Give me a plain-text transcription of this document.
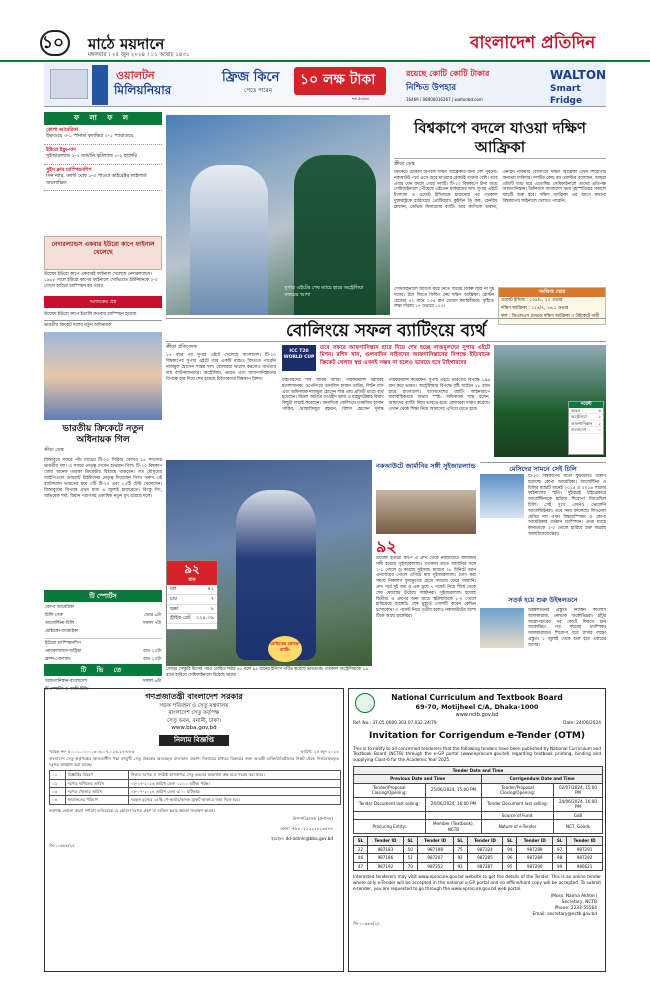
১০ মাঠে ময়দানে
মঙ্গলবার । ২৫ জুন ২০২৪ । ১১ আষাঢ় ১৪৩১
বাংলাদেশ প্রতিদিন
ওয়ালটন
মিলিয়নিয়ার
ফ্রিজ কিনে
পেতে পারেন
১০ লক্ষ টাকা
শর্ত প্রযোজ্য
রয়েছে কোটি কোটি টাকার
নিশ্চিত উপহার
16469 / 08000016267 | waltonbd.com
WALTON
Smart Fridge
ফ লা ফ ল
কোপা আমেরিকা
উরুগুয়ে ৩-১ পানামা কলম্বিয়া ২-১ প্যারাগুয়ে
ইউরো ইয়ুং-দাদ
সুইজারল্যান্ড ১-১ জার্মানি স্কটল্যান্ড ০-১ হাঙ্গেরি
সুইস ক্লাব চ্যাম্পিয়নশিপ
সিন ন্যার, ক্যান্ট ঘোষ ১-৩ পাওয়া ডাইরেক্টর লাইলার্ড জয়লাভিত
নেদারল্যান্ডস একবার ইউরো কাপে ফাইনাল খেলেছে
উয়েফা ইউরো কাপে একবারই ফাইনাল খেলেছে নেদারল্যান্ডস। ১৯৮৮ সালে ইউরো কাপের ফাইনালে সোভিয়েত ইউনিয়নকে ২-০ গোলে হারিয়ে চ্যাম্পিয়ন হয় তারা।
আজকের প্রশ্ন
উয়েফা ইউরো কাপে ইতালি কতবার চ্যাম্পিয়ন হয়েছে
ভারতীয় ক্রিকেট দলের নতুন অধিনায়ক
ভারতীয় ক্রিকেটে নতুন অধিনায়ক গিল
ক্রীড়া ডেস্ক
জিম্বাবুয়ে সফরে পাঁচ ম্যাচের টি-২০ সিরিজ খেলবে ১৫ সদস্যের ভারতীয় দল। এ সফরে নেতৃত্ব দেবেন শুভমান গিল। টি-২০ বিশ্বকাপ খেলা অনেক তারকা ক্রিকেটার বিশ্রামে থাকবেন। গত মৌসুমের আইপিএলে গুজরাট টাইটান্সের নেতৃত্ব দিয়েছেন গিল। তরুণ এই ব্যাটসম্যান ভারতের হয়ে ৩টি টি-২০ এবং ২৫টি টেস্ট খেলেছেন। জিম্বাবুয়ের বিপক্ষে প্রথম ম্যাচ ৬ জুলাই হারারেতে। রিংকু সিং, অভিষেক শর্মা, রিয়ান পরাগসহ একাধিক নতুন মুখ রয়েছে দলে।
টি স্পোর্টস
কোপা আমেরিকা
চিলি-পেরু	ভোর ৬টা
আর্জেন্টিনা-চিলি	সকাল ৭টা
মেক্সিকো-জ্যামাইকা
ইউরো চ্যাম্পিয়নশিপ
নেদারল্যান্ডস-অস্ট্রিয়া	রাত ১০টা
ফ্রান্স-পোল্যান্ড	রাত ১০টা
টি ভি তে
আফগানিস্তান-বাংলাদেশ	সকাল ৬টা
টি স্পোর্টস ও গাজী টিভি
সুপার এইটের শেষ ম্যাচে হারে অস্ট্রেলিয়া সফরের আশা
বিশ্বকাপে বদলে যাওয়া দক্ষিণ আফ্রিকা
ক্রীড়া ডেস্ক
ক্রিকেটে চোকার্স অপবাদ দক্ষিণ আফ্রিকার জন্য বেশ পুরনো। নকআউট পর্বে এসে হেরে যাওয়ার রেকর্ডই তাদের বেশি। তবে এবার যেন বদলে গেছে দলটি। টি-২০ বিশ্বকাপে টানা জয়ে সেমিফাইনালে পৌঁছেছে এইডেন মার্করামের দল। সুপার এইটে ইংল্যান্ড ও ওয়েস্ট ইন্ডিজকে হারানোর পর গতকাল যুক্তরাষ্ট্রকে হারিয়েছে প্রোটিয়ারা। কুইন্টন ডি কক, হেনরিখ ক্লাসেন, ডেভিড মিলারদের ব্যাটিং আর কাগিসো রাবাদা, এনরিখ নর্কিয়ার বোলিংয়ে দক্ষিণ আফ্রিকা এখন শিরোপার অন্যতম দাবিদার। দলটির কোচ রব ওয়াল্টার বলেছেন, আমরা প্রতিটি ম্যাচ ধরে এগোচ্ছি। সেমিফাইনালে তাদের প্রতিপক্ষ আফগানিস্তান। ত্রিনিদাদে বাংলাদেশ সময় বৃহস্পতিবার সকালে ম্যাচটি শুরু হবে। দক্ষিণ আফ্রিকা এর আগে কখনো বিশ্বকাপের ফাইনালে খেলতে পারেনি।
সেমিফাইনালে জায়গা করে নিতে জয়ের বিকল্প ছিল না দুই দলের। টসে জিতে ফিল্ডিং নেয় দক্ষিণ আফ্রিকা। রোস্টন চেজের ৫২ রানে ১৩৫ রান তোলে ক্যারিবীয়রা। বৃষ্টিতে লক্ষ্য দাঁড়ায় ১৭ ওভারে ১২৩।
সংক্ষিপ্ত স্কোর
ওয়েস্ট ইন্ডিজ : ১৩৫/৮, ২০ ওভার
দক্ষিণ আফ্রিকা : ১২৪/৭, ১৬.১ ওভার
ফল : ডিএলএস মেথডে দক্ষিণ আফ্রিকা ৩ উইকেটে জয়ী
বোলিংয়ে সফল ব্যাটিংয়ে ব্যর্থ
ক্রীড়া প্রতিবেদক
১৭ বছর পর সুপার এইটে খেলেছে বাংলাদেশ। টি-২০ বিশ্বকাপের সুপার এইটে তার একটি ম্যাচও জিততে পারেনি নাজমুল হোসেন শান্তর দল। বোলাররা ভালো করলেও ব্যর্থতার দায় ব্যাটসম্যানদের। অস্ট্রেলিয়া, ভারত এবং আফগানিস্তানের বিপক্ষে হার দিয়ে শেষ হয়েছে টাইগারদের বিশ্বকাপ মিশন।
ICC T20 WORLD CUP
তবে সফরে আফগানিস্তান হারে দিয়ে শেষ হচ্ছে নাজমুলদের সুপার এইটে মিশন। রশিদ খান, গুলবাদিন নাইবদের আফগানিস্তানের বিপক্ষে ইতিবাচক ক্রিকেট খেলার স্বপ্ন এখনই সম্ভব না হলেও ভাবতে হবে টাইগারদের
টাইগারদের শীর্ষ সারির ব্যাটিং পারফরম্যান্স বরাবরই হতাশাজনক। ওপেনিংয়ে তানজিদ হাসান তামিম, লিটন দাস এবং অধিনায়ক নাজমুল হোসেন শান্ত প্রায় প্রতিটি ম্যাচে ব্যর্থ হয়েছেন। মিডল অর্ডারে তাওহীদ হৃদয় ও মাহমুদউল্লাহ রিয়াদ কিছুটা লড়াই করেছেন। অন্যদিকে বোলিংয়ে তানজিম হাসান সাকিব, মোস্তাফিজুর রহমান, রিশাদ হোসেন দুর্দান্ত পারফরম্যান্স করেছেন। সুপার এইটে ভারতের বিপক্ষে ১৯৬ রান করে ভারত। অস্ট্রেলিয়ার বিপক্ষে বৃষ্টি আইনে ২৮ রানে হারে বাংলাদেশ। বাংলাদেশের ব্যাটিং লাইনআপে ধারাবাহিকতার অভাব স্পষ্ট। অধিনায়ক শান্ত বলেন, আমাদের ব্যাটিং নিয়ে ভাবতে হবে। বোলাররা দারুণ করেছে। এখান থেকে শিক্ষা নিয়ে আমাদের এগিয়ে যেতে হবে।
পয়েন্ট
ভারত	৬
অস্ট্রেলিয়া	২
আফগানিস্তান ২
বাংলাদেশ	০
৯২
রান
বল	৪১
চার	৭
ছক্কা	৮
স্ট্রাইক রেট ২২৪.৩৯
রোহিতের ঝোড়ো ব্যাটিং
জোড়া সেঞ্চুরি মিসের পরও রোহিত শর্মার ৪১ বলে ৯২ রানের ইনিংস গর্বিত করেছে ভারতকে। গতকাল অস্ট্রেলিয়াকে ২৪ রানে হারিয়ে সেমিফাইনালে উঠেছে ভারত
নকআউটে জার্মানির সঙ্গী সুইজারল্যান্ড
৯২
উয়েফা ইউরো কাপে এ গ্রুপ থেকে নকআউটে জার্মানির সঙ্গী হয়েছে সুইজারল্যান্ড। গতকাল রাতে জার্মানির সঙ্গে ১-১ গোলে ড্র করেছে সুইসরা। ম্যাচের ২৮ মিনিটে ড্যান এনদোয়ের গোলে এগিয়ে যায় সুইজারল্যান্ড। যোগ করা সময়ে নিকলাস ফুলক্রুগের হেডে সমতায় ফেরে জার্মানি। গ্রুপ পর্বে দুই জয় ও এক ড্রয়ে ৭ পয়েন্ট নিয়ে শীর্ষে থেকে শেষ ষোলোয় উঠেছে জার্মানরা। সুইজারল্যান্ড হয়েছে দ্বিতীয়। এ গ্রুপের অন্য ম্যাচে স্কটল্যান্ডকে ১-০ গোলে হারিয়েছে হাঙ্গেরি। শেষ মুহূর্তে গোলটি করেন কেভিন চসোবোথ। ৩ পয়েন্ট নিয়ে তৃতীয় হলেও নকআউটের আশা টিকে আছে হাঙ্গেরির।
মেসিদের সামনে সেই চিলি
টি-২০ বিশ্বকাপের মতো ফুটবলেও উত্তাপ ছড়াচ্ছে কোপা আমেরিকা। আর্জেন্টিনা ও চিলির ম্যাচটি মানেই ২০১৫ ও ২০১৬ সালের ফাইনালের স্মৃতি। দুইবারই টাইব্রেকারে আর্জেন্টিনাকে হারিয়ে শিরোপা জিতেছিল চিলি। সেই দুঃখ এখনও ভোলেনি আর্জেন্টাইনরা। তবে সময় বদলেছে। লিওনেল মেসির দল এখন বিশ্বচ্যাম্পিয়ন ও কোপা আমেরিকার বর্তমান চ্যাম্পিয়ন। প্রথম ম্যাচে কানাডাকে ২-০ গোলে হারিয়ে শুরু করেছে আলবিসেলেস্তেরা।
সতর্ক হয়ে শুরু উইম্বলডনে
উইম্বলডনের প্রস্তুতি নিচ্ছেন কার্লোস আলকারাজ, নোভাক জকোভিচরা। হাঁটুর অস্ত্রোপচারের পর কোর্টে ফিরতে চান জকোভিচ। গত বছরের চ্যাম্পিয়ন আলকারাজও শিরোপা ধরে রাখার লক্ষ্যে প্রস্তুত। ১ জুলাই থেকে শুরু হবে এবারের আসর।
গণপ্রজাতন্ত্রী বাংলাদেশ সরকার
সড়ক পরিবহন ও সেতু মন্ত্রণালয়
বাংলাদেশ সেতু কর্তৃপক্ষ
সেতু ভবন, বনানী, ঢাকা।
www.bba.gov.bd
নিলাম বিজ্ঞপ্তি
স্মারক নং- ৫০.০১.০০০০.৩০৩.০৭.০২৩.২৪-৮৮৩	তারিখ: ২৪ জুন ২০২৪
বাংলাদেশ সেতু কর্তৃপক্ষের আওতাধীন পদ্মা বহুমুখী সেতু প্রকল্পের অব্যবহৃত মালামাল প্রকাশ্য নিলামের মাধ্যমে বিক্রয়ের জন্য আগ্রহী ব্যক্তি/প্রতিষ্ঠানের নিকট থেকে সিলমোহরকৃত দরপত্র আহ্বান করা যাচ্ছে।
০১	বিজ্ঞপ্তির বিবরণ	নিলাম দরপত্র ও সংশ্লিষ্ট কাগজপত্র সেতু ভবনের অভ্যর্থনা কক্ষ হতে সংগ্রহ করা যাবে।
০২	দরপত্র দাখিলের তারিখ	০৮-০৭-২০২৪ তারিখ বেলা ১২:০০ ঘটিকা পর্যন্ত।
০৩	দরপত্র খোলার তারিখ	০৮-০৭-২০২৪ তারিখ বেলা ৩:০০ ঘটিকায়।
০৪	জামানতের পরিমাণ	দরকৃত মূল্যের ২৫% পে-অর্ডার/ব্যাংক ড্রাফট আকারে জমা দিতে হবে।
কর্তৃপক্ষ কোনো কারণ দর্শানো ব্যতিরেকে যে কোনো দরপত্র গ্রহণ বা বাতিল করার ক্ষমতা সংরক্ষণ করেন।
উপ-পরিচালক (প্রশাসন)
ফোন: +৮৮০২২২২২৮২৩৫৪৪
ইমেইল: dd-admin@bba.gov.bd
জি-১০৬৮৮/২৪
National Curriculum and Textbook Board
69-70, Motijheel C/A, Dhaka-1000
www.nctb.gov.bd
Ref. No.: 37.05.0000.303.07.032.24/79	Date: 24/06/2024
Invitation for Corrigendum e-Tender (OTM)
This is to notify to all concerned tenderers that the following tenders have been published by National Curriculum and Textbook Board (NCTB) through the e-GP portal (www.eprocure.gov.bd) regarding textbook printing, binding and supplying Class-6 for the Academic Year 2025.
Tender Date and Time			
Previous Date and Time		Corrigendum Date and Time	
Tender/Proposal Closing/Opening:	25/06/2024, 15:00 PM	Tender/Proposal Closing/Opening:	02/07/2024, 15:00 PM
Tender Document last selling:	24/06/2024, 16:00 PM	Tender Document last selling:	24/06/2024, 16:00 PM
		Source of Fund:	GoB
Procuring Entity:	Member (Textbook), NCTB	Nature of e-Tender	NCT, Goods
SL	Tender ID	SL	Tender ID	SL	Tender ID	SL	Tender ID	SL	Tender ID
22	987183	50	987198	75	987324	94	987289	97	987291
46	987186	51	987207	92	987285	96	987289	98	987292
47	987192	70	987352	93	987287	95	987290	99	986621
Interested tenderers may visit www.eprocure.gov.bd website to get the details of the Tender. This is an online tender where only e-Tender will be accepted in the national e-GP portal and no offline/hard copy will be accepted. To submit e-tender, you are requested to go through the www.eprocure.gov.bd web portal.
(Moss. Naima Akhter)
Secretary, NCTB
Phone: 2233-55564
Email: secretary@nctb.gov.bd
জি-১০৬৮৫/২৪
